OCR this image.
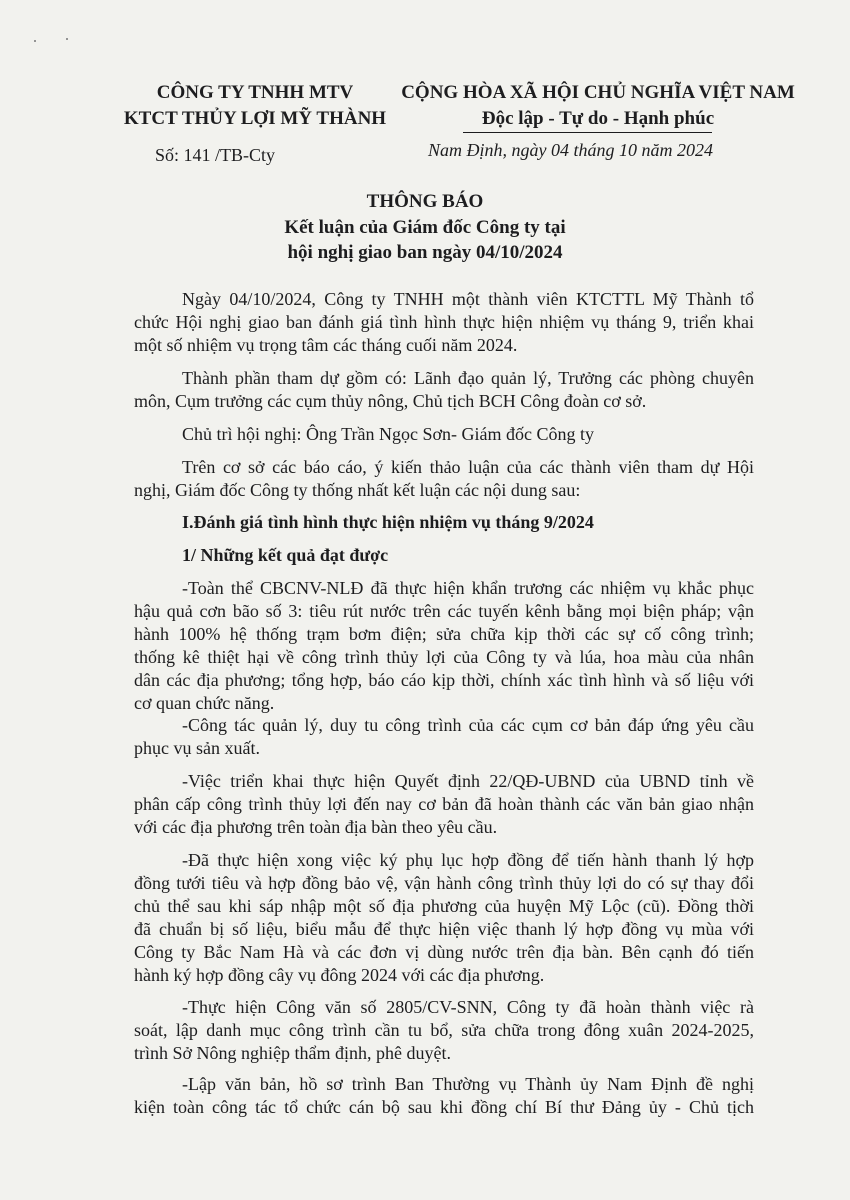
CÔNG TY TNHH MTV

KTCT THỦY LỢI MỸ THÀNH

Số: 141 /TB-Cty

CỘNG HÒA XÃ HỘI CHỦ NGHĨA VIỆT NAM

Độc lập - Tự do - Hạnh phúc

Nam Định, ngày 04 tháng 10 năm 2024

THÔNG BÁO

Kết luận của Giám đốc Công ty tại

hội nghị giao ban ngày 04/10/2024

Ngày 04/10/2024, Công ty TNHH một thành viên KTCTTL Mỹ Thành tổ
chức Hội nghị giao ban đánh giá tình hình thực hiện nhiệm vụ tháng 9, triển khai
một số nhiệm vụ trọng tâm các tháng cuối năm 2024.
Thành phần tham dự gồm có: Lãnh đạo quản lý, Trưởng các phòng chuyên
môn, Cụm trưởng các cụm thủy nông, Chủ tịch BCH Công đoàn cơ sở.
Chủ trì hội nghị: Ông Trần Ngọc Sơn- Giám đốc Công ty
Trên cơ sở các báo cáo, ý kiến thảo luận của các thành viên tham dự Hội
nghị, Giám đốc Công ty thống nhất kết luận các nội dung sau:

I.Đánh giá tình hình thực hiện nhiệm vụ tháng 9/2024

1/ Những kết quả đạt được

-Toàn thể CBCNV-NLĐ đã thực hiện khẩn trương các nhiệm vụ khắc phục
hậu quả cơn bão số 3: tiêu rút nước trên các tuyến kênh bằng mọi biện pháp; vận
hành 100% hệ thống trạm bơm điện; sửa chữa kịp thời các sự cố công trình;
thống kê thiệt hại về công trình thủy lợi của Công ty và lúa, hoa màu của nhân
dân các địa phương; tổng hợp, báo cáo kịp thời, chính xác tình hình và số liệu với
cơ quan chức năng.
-Công tác quản lý, duy tu công trình của các cụm cơ bản đáp ứng yêu cầu
phục vụ sản xuất.
-Việc triển khai thực hiện Quyết định 22/QĐ-UBND của UBND tỉnh về
phân cấp công trình thủy lợi đến nay cơ bản đã hoàn thành các văn bản giao nhận
với các địa phương trên toàn địa bàn theo yêu cầu.
-Đã thực hiện xong việc ký phụ lục hợp đồng để tiến hành thanh lý hợp
đồng tưới tiêu và hợp đồng bảo vệ, vận hành công trình thủy lợi do có sự thay đổi
chủ thể sau khi sáp nhập một số địa phương của huyện Mỹ Lộc (cũ). Đồng thời
đã chuẩn bị số liệu, biểu mẫu để thực hiện việc thanh lý hợp đồng vụ mùa với
Công ty Bắc Nam Hà và các đơn vị dùng nước trên địa bàn. Bên cạnh đó tiến
hành ký hợp đồng cây vụ đông 2024 với các địa phương.
-Thực hiện Công văn số 2805/CV-SNN, Công ty đã hoàn thành việc rà
soát, lập danh mục công trình cần tu bổ, sửa chữa trong đông xuân 2024-2025,
trình Sở Nông nghiệp thẩm định, phê duyệt.
-Lập văn bản, hồ sơ trình Ban Thường vụ Thành ủy Nam Định đề nghị
kiện toàn công tác tổ chức cán bộ sau khi đồng chí Bí thư Đảng ủy - Chủ tịch
